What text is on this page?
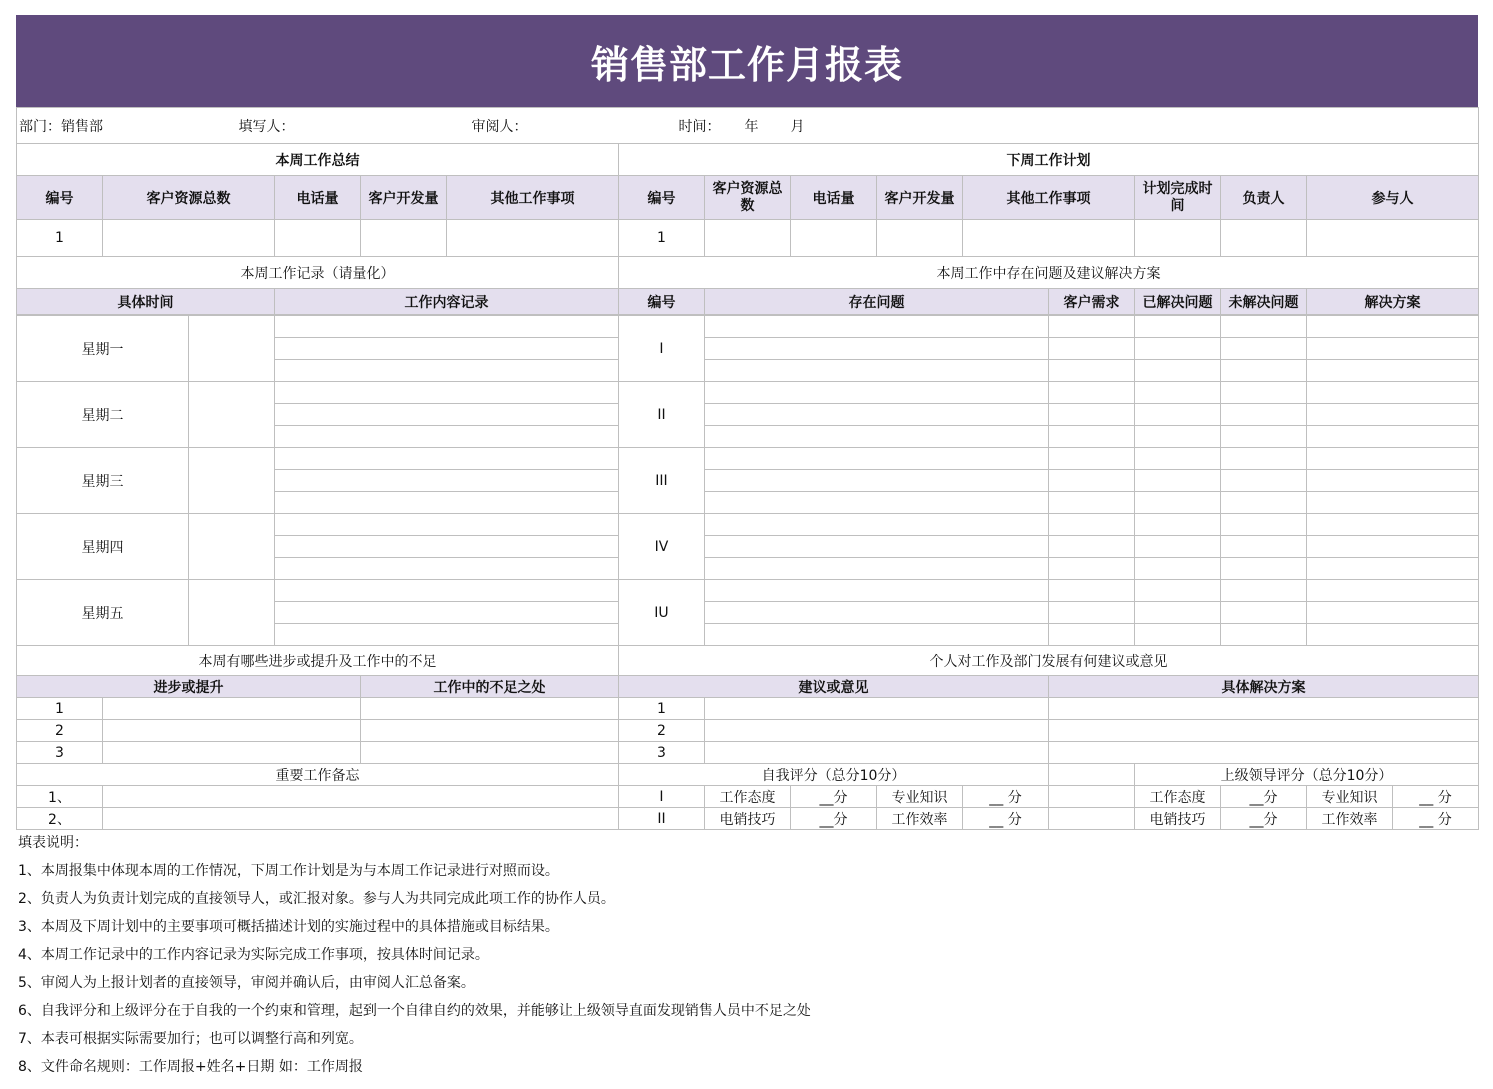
销售部工作月报表
部门：销售部		填写人：			审阅人：	时间：	年	月						
本周工作总结						下周工作计划								
编号	客户资源总数		电话量	客户开发量	其他工作事项	编号	客户资源总数	电话量	客户开发量	其他工作事项		计划完成时间	负责人	参与人
1						1								
本周工作记录（请量化）						本周工作中存在问题及建议解决方案								
具体时间			工作内容记录			编号	存在问题				客户需求	已解决问题	未解决问题	解决方案
星期一					I									

星期二					II									

星期三					III									

星期四					IV									

星期五					IU									

本周有哪些进步或提升及工作中的不足					个人对工作及部门发展有何建议或意见									
进步或提升				工作中的不足之处	建议或意见					具体解决方案				
1					1									
2					2									
3					3									
重要工作备忘					自我评分（总分10分）						上级领导评分（总分10分）			
1、					I	工作态度	__分	专业知识	__ 分		工作态度	__分	专业知识	__ 分
2、					II	电销技巧	__分	工作效率	__ 分		电销技巧	__分	工作效率	__ 分
填表说明：
1、本周报集中体现本周的工作情况，下周工作计划是为与本周工作记录进行对照而设。
2、负责人为负责计划完成的直接领导人，或汇报对象。参与人为共同完成此项工作的协作人员。
3、本周及下周计划中的主要事项可概括描述计划的实施过程中的具体措施或目标结果。
4、本周工作记录中的工作内容记录为实际完成工作事项，按具体时间记录。
5、审阅人为上报计划者的直接领导，审阅并确认后，由审阅人汇总备案。
6、自我评分和上级评分在于自我的一个约束和管理，起到一个自律自约的效果，并能够让上级领导直面发现销售人员中不足之处
7、本表可根据实际需要加行；也可以调整行高和列宽。
8、文件命名规则：工作周报+姓名+日期 如：工作周报
